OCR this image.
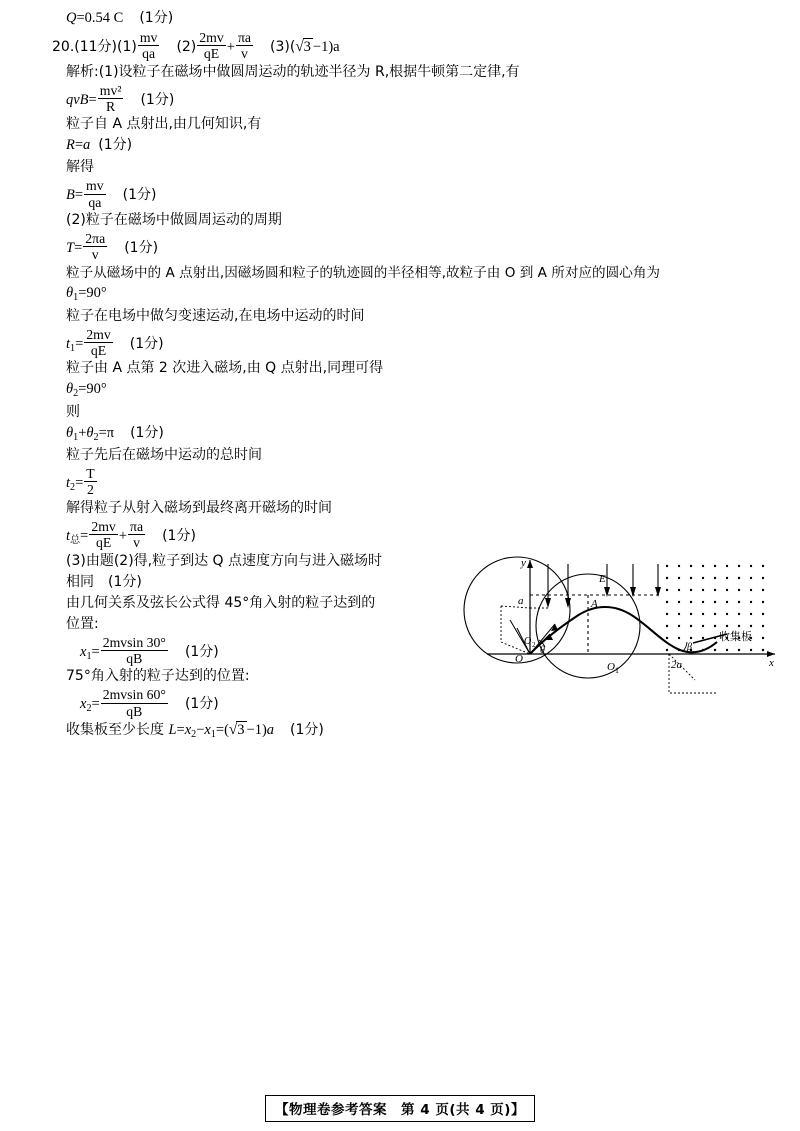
Q=0.54 C (1分)

20.(11分)$(1) \frac{mv}{qa} (2) \frac{2mv}{qE} + \frac{\pi a}{v} (3)(√3 -1)a$

解析:(1)设粒子在磁场中做圆周运动的轨迹半径为 R,根据牛顿第二定律,有

$qvB= \frac{\text{mv²}}{R} (1$分)

粒子自 A 点射出,由几何知识,有

R=a (1分)

解得

$B= \frac{mv}{qa} (1$分)

(2)粒子在磁场中做圆周运动的周期

$T= \frac{2\pi a}{v} (1$分)

粒子从磁场中的 A 点射出,因磁场圆和粒子的轨迹圆的半径相等,故粒子由 O 到 A 所对应的圆心角为

$\theta_1=90^\circ$

粒子在电场中做匀变速运动,在电场中运动的时间

$t_1= \frac{2mv}{qE} (1$分)

粒子由 A 点第 2 次进入磁场,由 Q 点射出,同理可得

$\theta_2=90^\circ$

则

$\theta_1+\theta_2=\pi$ (1分)

粒子先后在磁场中运动的总时间

$t_2= \frac{T}{2}$

解得粒子从射入磁场到最终离开磁场的时间

$t_总= \frac{2mv}{qE} + \frac{\pi a}{v} (1$分)

(3)由题(2)得,粒子到达 Q 点速度方向与进入磁场时

相同　(1分)

由几何关系及弦长公式得 45°角入射的粒子达到的

位置:

$x_1= \frac{2mvsin 30^\circ}{qB} (1$分)

75°角入射的粒子达到的位置:

$x_2= \frac{2mvsin 60^\circ}{qB} (1$分)

收集板至少长度 $L=x_2-x_1=(√3 -1)a$ (1分)

y
x
E
A
a
O
O 1
O 2
2a
θ	β
收集板
【物理卷参考答案　第 4 页(共 4 页)】
